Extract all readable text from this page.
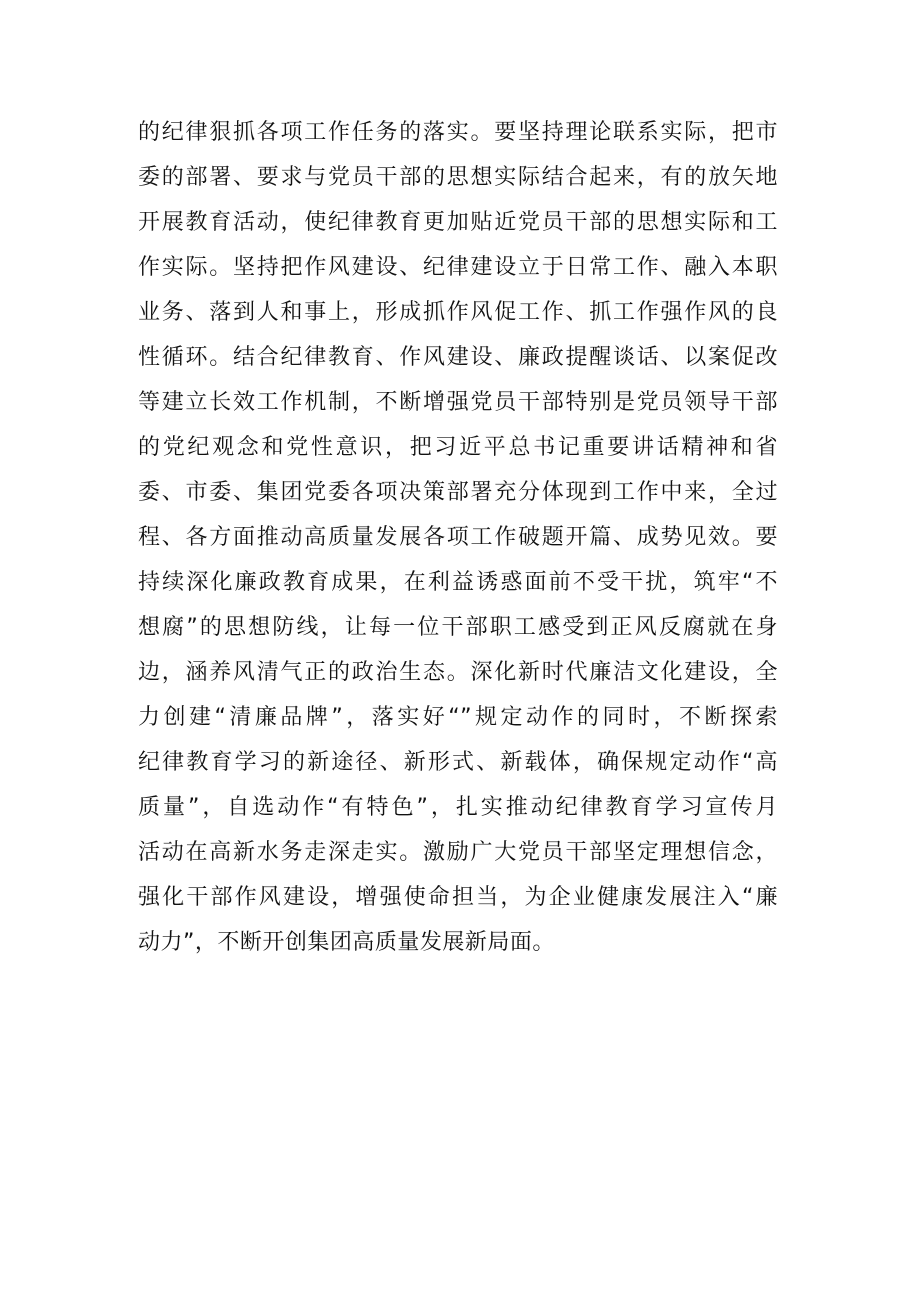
的纪律狠抓各项工作任务的落实。要坚持理论联系实际，把市
委的部署、要求与党员干部的思想实际结合起来，有的放矢地
开展教育活动，使纪律教育更加贴近党员干部的思想实际和工
作实际。坚持把作风建设、纪律建设立于日常工作、融入本职
业务、落到人和事上，形成抓作风促工作、抓工作强作风的良
性循环。结合纪律教育、作风建设、廉政提醒谈话、以案促改
等建立长效工作机制，不断增强党员干部特别是党员领导干部
的党纪观念和党性意识，把习近平总书记重要讲话精神和省
委、市委、集团党委各项决策部署充分体现到工作中来，全过
程、各方面推动高质量发展各项工作破题开篇、成势见效。要
持续深化廉政教育成果，在利益诱惑面前不受干扰，筑牢“不
想腐”的思想防线，让每一位干部职工感受到正风反腐就在身
边，涵养风清气正的政治生态。深化新时代廉洁文化建设，全
力创建“清廉品牌”，落实好“”规定动作的同时，不断探索
纪律教育学习的新途径、新形式、新载体，确保规定动作“高
质量”，自选动作“有特色”，扎实推动纪律教育学习宣传月
活动在高新水务走深走实。激励广大党员干部坚定理想信念，
强化干部作风建设，增强使命担当，为企业健康发展注入“廉
动力”，不断开创集团高质量发展新局面。
